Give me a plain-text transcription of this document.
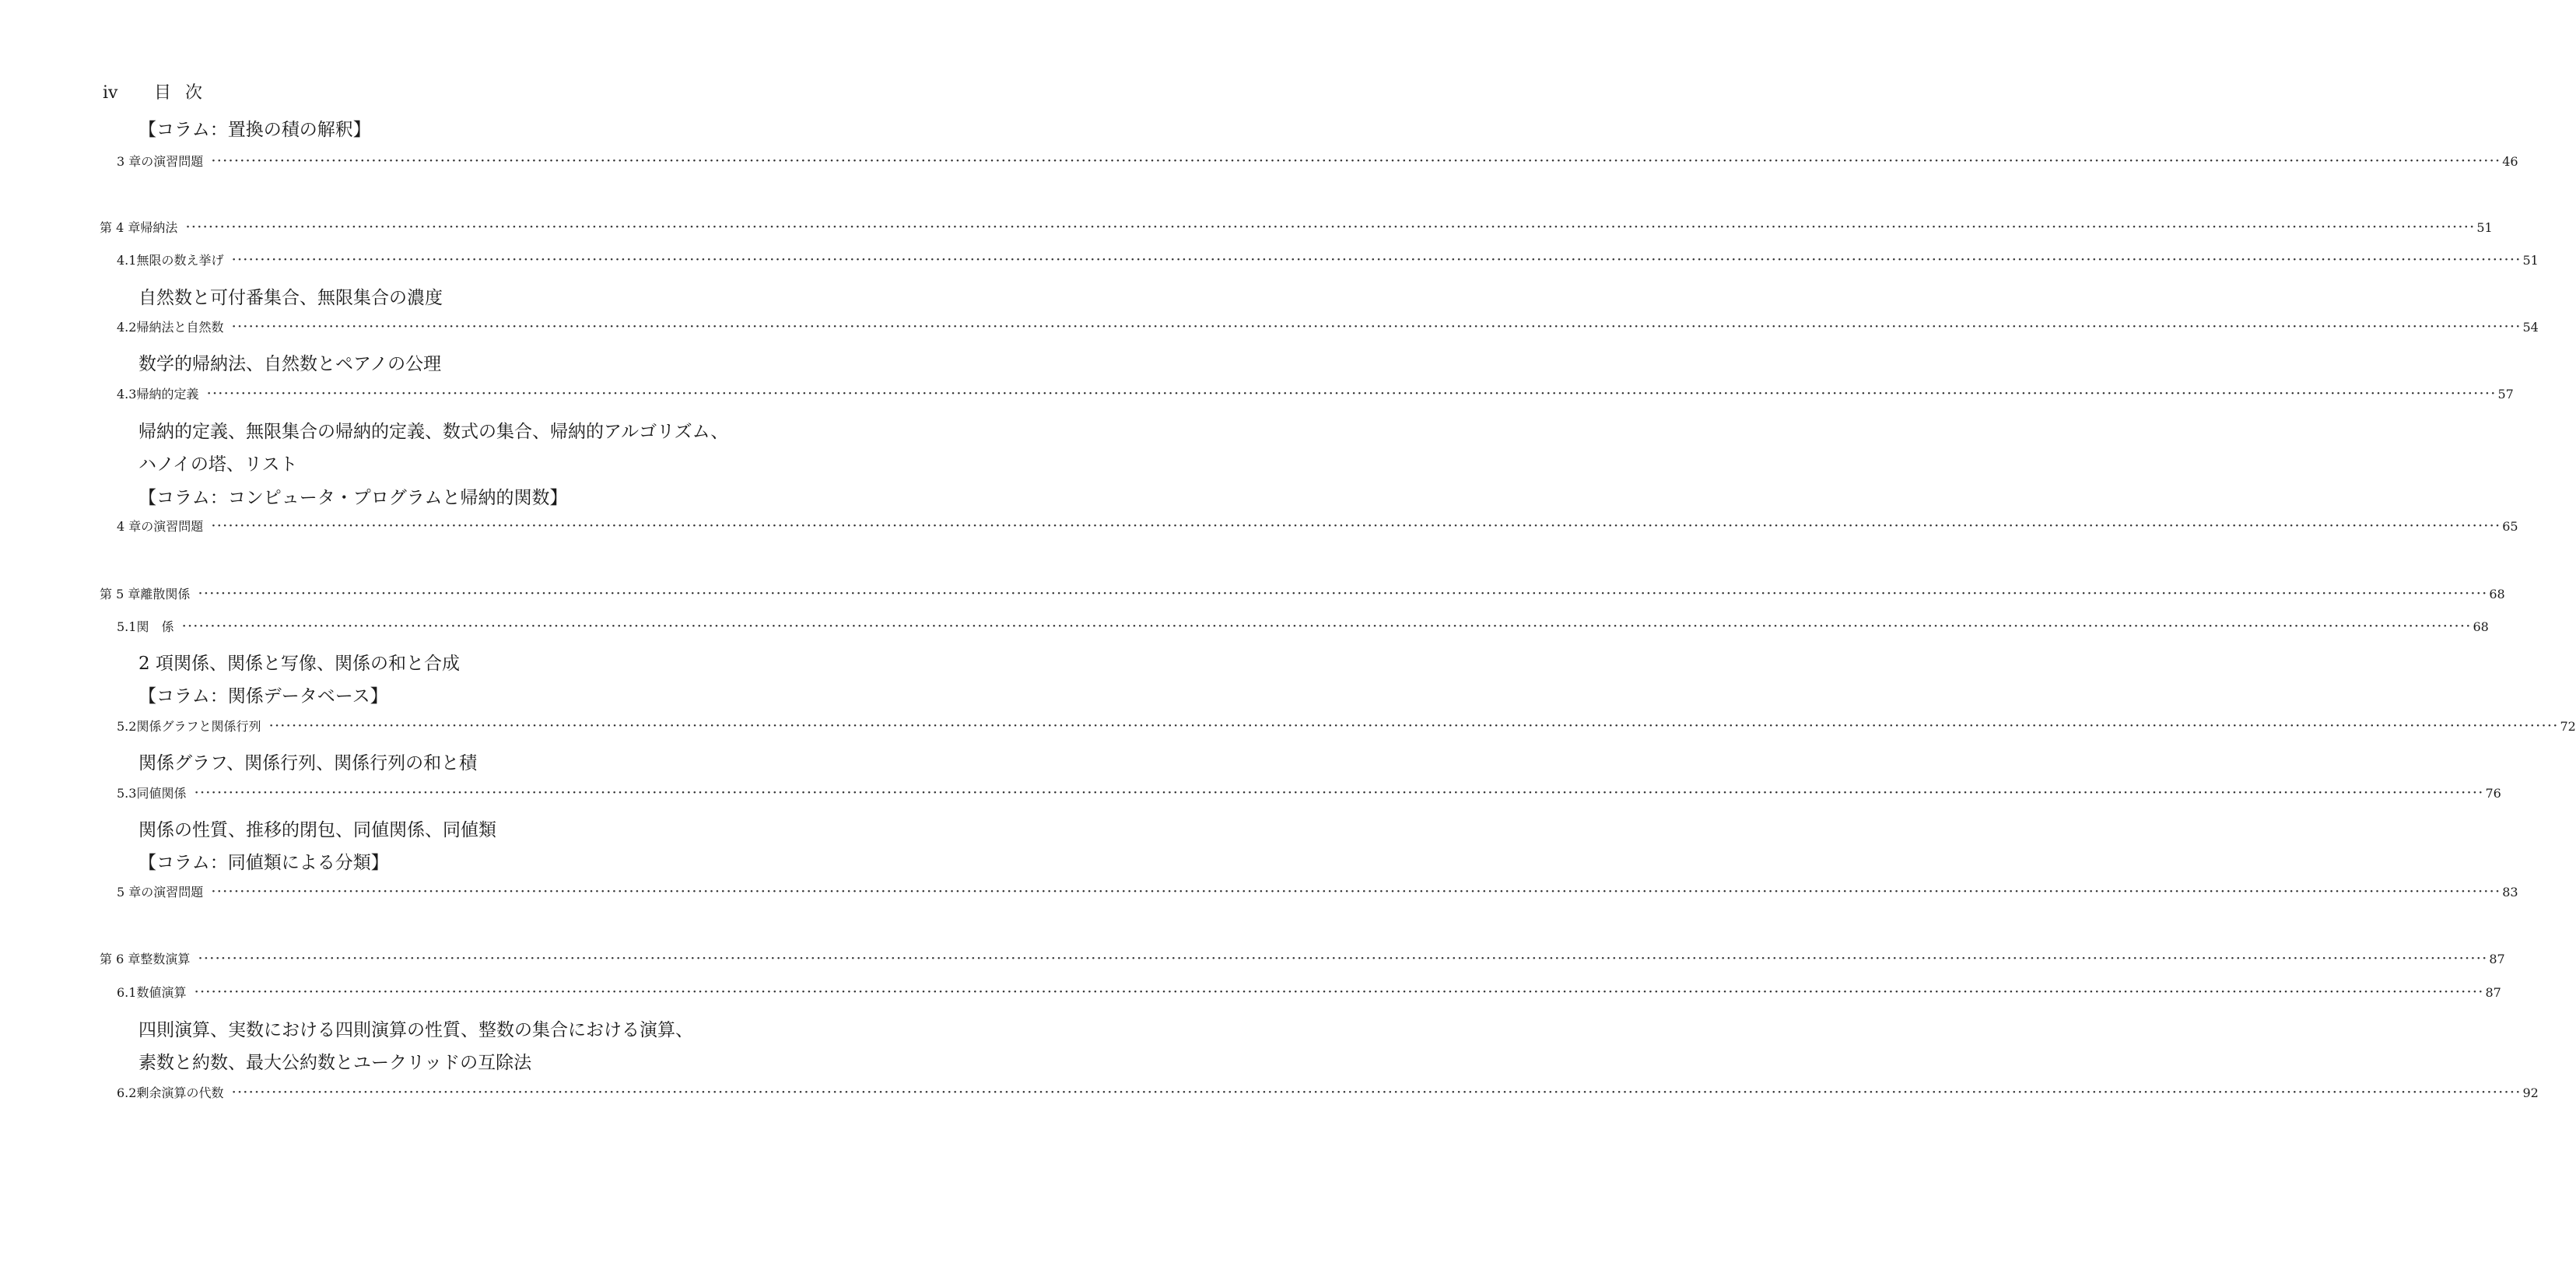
iv 目次
【コラム：置換の積の解釈】
3 章の演習問題 ················································································································································································································································································································································································································ 46
第 4 章帰納法 ················································································································································································································································································································································································································ 51
4.1無限の数え挙げ ················································································································································································································································································································································································································ 51
自然数と可付番集合、無限集合の濃度
4.2帰納法と自然数 ················································································································································································································································································································································································································ 54
数学的帰納法、自然数とペアノの公理
4.3帰納的定義 ················································································································································································································································································································································································································ 57
帰納的定義、無限集合の帰納的定義、数式の集合、帰納的アルゴリズム、
ハノイの塔、リスト
【コラム：コンピュータ・プログラムと帰納的関数】
4 章の演習問題 ················································································································································································································································································································································································································ 65
第 5 章離散関係 ················································································································································································································································································································································································································ 68
5.1関　係 ················································································································································································································································································································································································································ 68
2 項関係、関係と写像、関係の和と合成
【コラム：関係データベース】
5.2関係グラフと関係行列 ················································································································································································································································································································································································································ 72
関係グラフ、関係行列、関係行列の和と積
5.3同値関係 ················································································································································································································································································································································································································ 76
関係の性質、推移的閉包、同値関係、同値類
【コラム：同値類による分類】
5 章の演習問題 ················································································································································································································································································································································································································ 83
第 6 章整数演算 ················································································································································································································································································································································································································ 87
6.1数値演算 ················································································································································································································································································································································································································ 87
四則演算、実数における四則演算の性質、整数の集合における演算、
素数と約数、最大公約数とユークリッドの互除法
6.2剰余演算の代数 ················································································································································································································································································································································································································ 92
